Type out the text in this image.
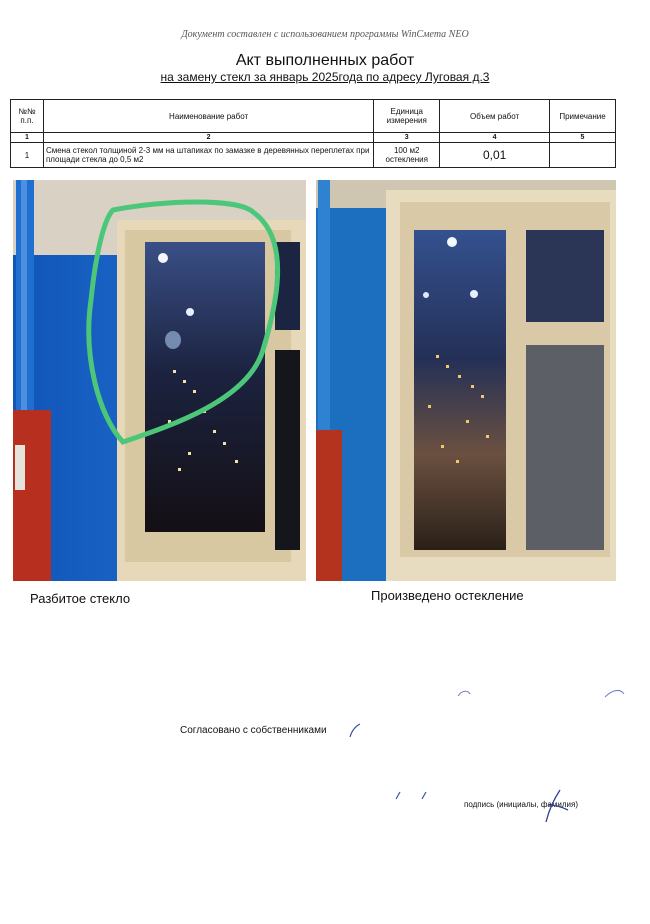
Документ составлен с использованием программы WinСмета NEO
Акт выполненных работ
на замену стекл за январь 2025года по адресу Луговая д.3
№№ п.п.	Наименование работ	Единица измерения	Объем работ	Примечание
1	2	3	4	5
1	Смена стекол толщиной 2-3 мм на штапиках по замазке в деревянных переплетах при площади стекла до 0,5 м2	100 м2 остекления	0,01	
Разбитое стекло	Произведено остекление
Согласовано с собственниками
подпись (инициалы, фамилия)
